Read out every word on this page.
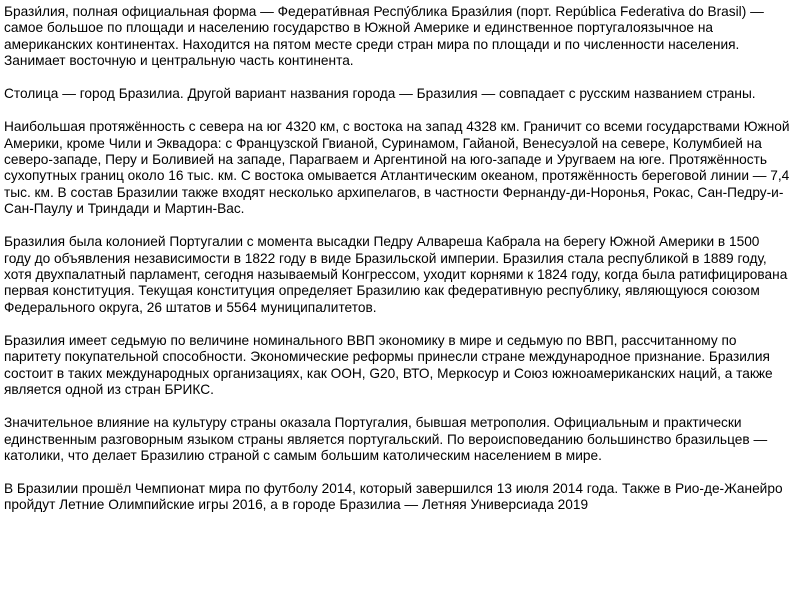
Брази́лия, полная официальная форма — Федерати́вная Респу́блика Брази́лия (порт. República Federativa do Brasil) — самое большое по площади и населению государство в Южной Америке и единственное португалоязычное на американских континентах. Находится на пятом месте среди стран мира по площади и по численности населения. Занимает восточную и центральную часть континента.

Столица — город Бразилиа. Другой вариант названия города — Бразилия — совпадает с русским названием страны.

Наибольшая протяжённость с севера на юг 4320 км, с востока на запад 4328 км. Граничит со всеми государствами Южной Америки, кроме Чили и Эквадора: с Французской Гвианой, Суринамом, Гайаной, Венесуэлой на севере, Колумбией на северо-западе, Перу и Боливией на западе, Парагваем и Аргентиной на юго-западе и Уругваем на юге. Протяжённость сухопутных границ около 16 тыс. км. С востока омывается Атлантическим океаном, протяжённость береговой линии — 7,4 тыс. км. В состав Бразилии также входят несколько архипелагов, в частности Фернанду-ди-Норонья, Рокас, Сан-Педру-и-Сан-Паулу и Триндади и Мартин-Вас.

Бразилия была колонией Португалии с момента высадки Педру Алвареша Кабрала на берегу Южной Америки в 1500 году до объявления независимости в 1822 году в виде Бразильской империи. Бразилия стала республикой в 1889 году, хотя двухпалатный парламент, сегодня называемый Конгрессом, уходит корнями к 1824 году, когда была ратифицирована первая конституция. Текущая конституция определяет Бразилию как федеративную республику, являющуюся союзом Федерального округа, 26 штатов и 5564 муниципалитетов.

Бразилия имеет седьмую по величине номинального ВВП экономику в мире и седьмую по ВВП, рассчитанному по паритету покупательной способности. Экономические реформы принесли стране международное признание. Бразилия состоит в таких международных организациях, как ООН, G20, ВТО, Меркосур и Союз южноамериканских наций, а также является одной из стран БРИКС.

Значительное влияние на культуру страны оказала Португалия, бывшая метрополия. Официальным и практически единственным разговорным языком страны является португальский. По вероисповеданию большинство бразильцев — католики, что делает Бразилию страной с самым большим католическим населением в мире.

В Бразилии прошёл Чемпионат мира по футболу 2014, который завершился 13 июля 2014 года. Также в Рио-де-Жанейро пройдут Летние Олимпийские игры 2016, а в городе Бразилиа — Летняя Универсиада 2019
